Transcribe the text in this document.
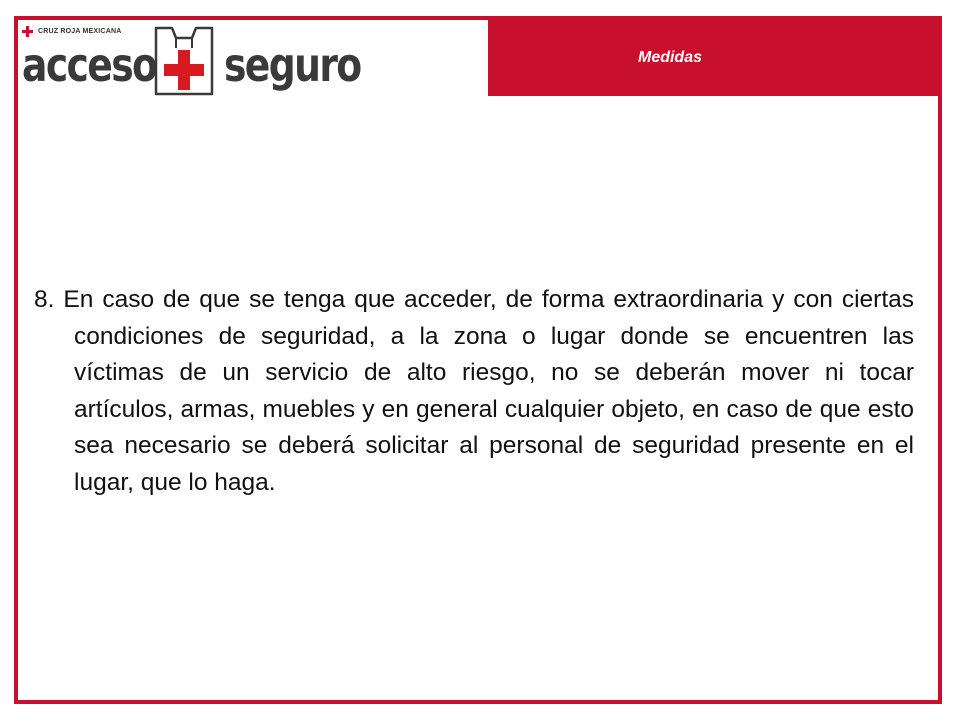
CRUZ ROJA MEXICANA
acceso seguro	Medidas

8. En caso de que se tenga que acceder, de forma extraordinaria y con ciertas condiciones de seguridad, a la zona o lugar donde se encuentren las víctimas de un servicio de alto riesgo, no se deberán mover ni tocar artículos, armas, muebles y en general cualquier objeto, en caso de que esto sea necesario se deberá solicitar al personal de seguridad presente en el lugar, que lo haga.
